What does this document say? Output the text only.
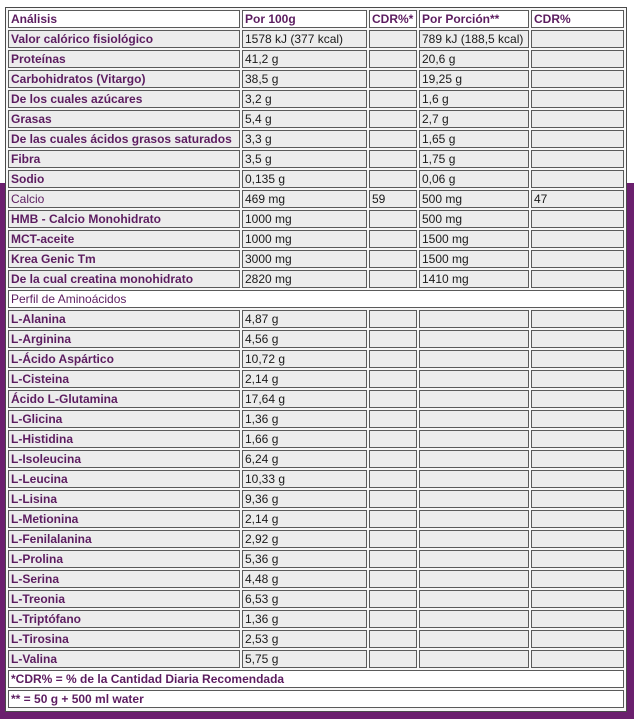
Análisis	Por 100g	CDR%*	Por Porción**	CDR%
Valor calórico fisiológico	1578 kJ (377 kcal)		789 kJ (188,5 kcal)	
Proteínas	41,2 g		20,6 g	
Carbohidratos (Vitargo)	38,5 g		19,25 g	
De los cuales azúcares	3,2 g		1,6 g	
Grasas	5,4 g		2,7 g	
De las cuales ácidos grasos saturados	3,3 g		1,65 g	
Fibra	3,5 g		1,75 g	
Sodio	0,135 g		0,06 g	
Calcio	469 mg	59	500 mg	47
HMB - Calcio Monohidrato	1000 mg		500 mg	
MCT-aceite	1000 mg		1500 mg	
Krea Genic Tm	3000 mg		1500 mg	
De la cual creatina monohidrato	2820 mg		1410 mg	
Perfil de Aminoácidos				
L-Alanina	4,87 g			
L-Arginina	4,56 g			
L-Ácido Aspártico	10,72 g			
L-Cisteina	2,14 g			
Ácido L-Glutamina	17,64 g			
L-Glicina	1,36 g			
L-Histidina	1,66 g			
L-Isoleucina	6,24 g			
L-Leucina	10,33 g			
L-Lisina	9,36 g			
L-Metionina	2,14 g			
L-Fenilalanina	2,92 g			
L-Prolina	5,36 g			
L-Serina	4,48 g			
L-Treonia	6,53 g			
L-Triptófano	1,36 g			
L-Tirosina	2,53 g			
L-Valina	5,75 g			
*CDR% = % de la Cantidad Diaria Recomendada				
** = 50 g + 500 ml water				
